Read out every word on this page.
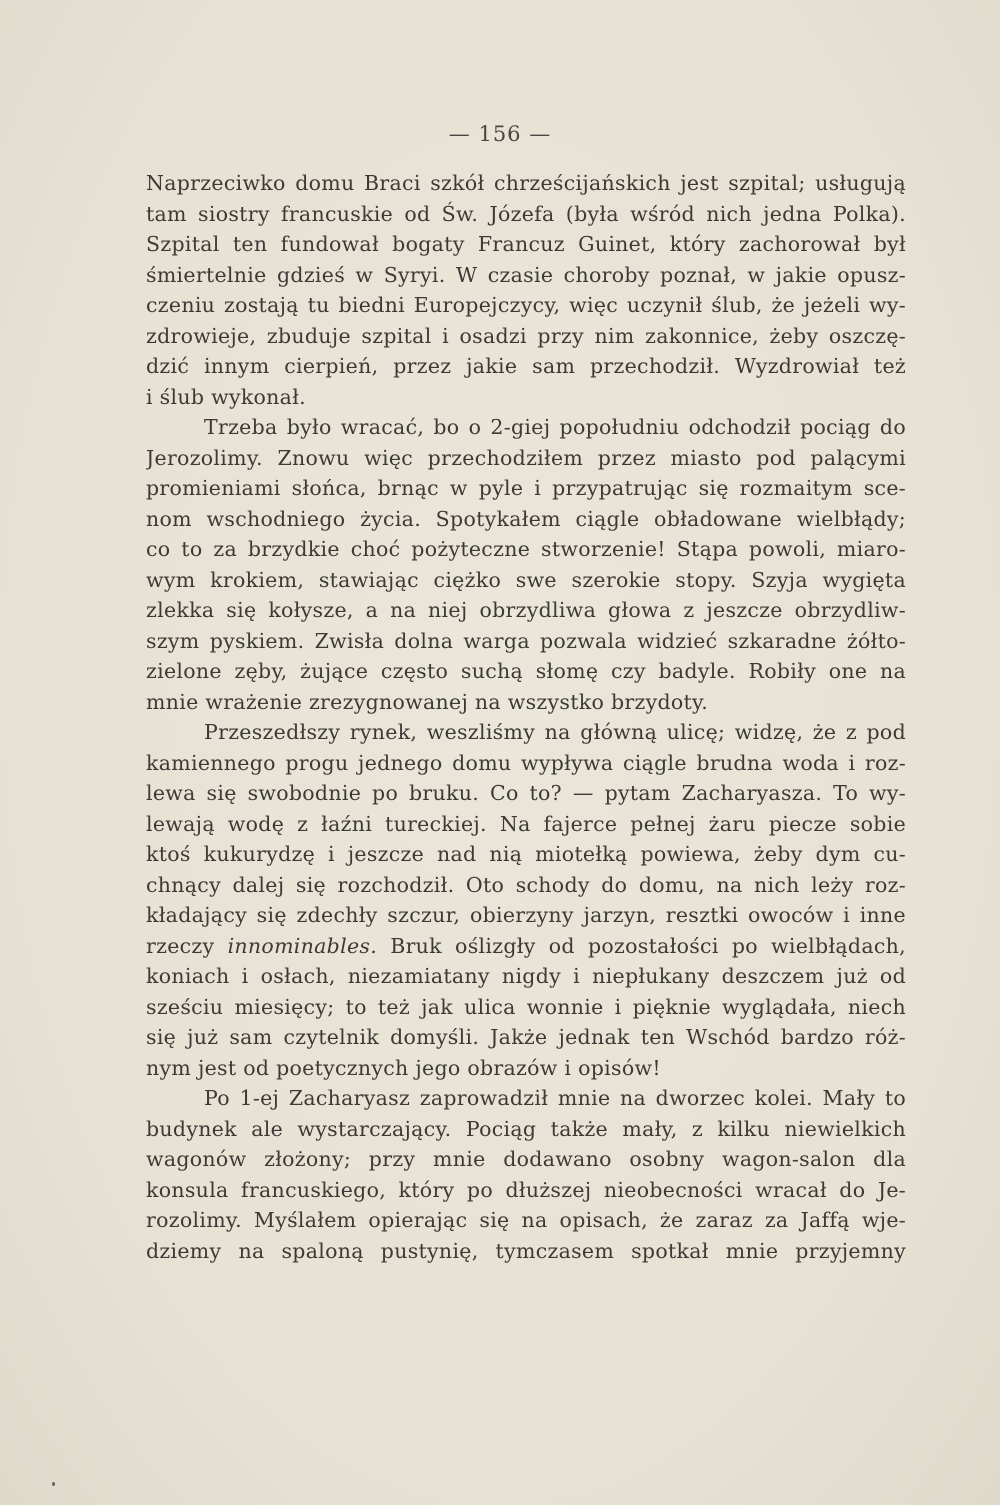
— 156 —
Naprzeciwko domu Braci szkół chrześcijańskich jest szpital; usługują
tam siostry francuskie od Św. Józefa (była wśród nich jedna Polka).
Szpital ten fundował bogaty Francuz Guinet, który zachorował był
śmiertelnie gdzieś w Syryi. W czasie choroby poznał, w jakie opusz-
czeniu zostają tu biedni Europejczycy, więc uczynił ślub, że jeżeli wy-
zdrowieje, zbuduje szpital i osadzi przy nim zakonnice, żeby oszczę-
dzić innym cierpień, przez jakie sam przechodził. Wyzdrowiał też
i ślub wykonał.
Trzeba było wracać, bo o 2-giej popołudniu odchodził pociąg do
Jerozolimy. Znowu więc przechodziłem przez miasto pod palącymi
promieniami słońca, brnąc w pyle i przypatrując się rozmaitym sce-
nom wschodniego życia. Spotykałem ciągle obładowane wielbłądy;
co to za brzydkie choć pożyteczne stworzenie! Stąpa powoli, miaro-
wym krokiem, stawiając ciężko swe szerokie stopy. Szyja wygięta
zlekka się kołysze, a na niej obrzydliwa głowa z jeszcze obrzydliw-
szym pyskiem. Zwisła dolna warga pozwala widzieć szkaradne żółto-
zielone zęby, żujące często suchą słomę czy badyle. Robiły one na
mnie wrażenie zrezygnowanej na wszystko brzydoty.
Przeszedłszy rynek, weszliśmy na główną ulicę; widzę, że z pod
kamiennego progu jednego domu wypływa ciągle brudna woda i roz-
lewa się swobodnie po bruku. Co to? — pytam Zacharyasza. To wy-
lewają wodę z łaźni tureckiej. Na fajerce pełnej żaru piecze sobie
ktoś kukurydzę i jeszcze nad nią miotełką powiewa, żeby dym cu-
chnący dalej się rozchodził. Oto schody do domu, na nich leży roz-
kładający się zdechły szczur, obierzyny jarzyn, resztki owoców i inne
rzeczy innominables. Bruk oślizgły od pozostałości po wielbłądach,
koniach i osłach, niezamiatany nigdy i niepłukany deszczem już od
sześciu miesięcy; to też jak ulica wonnie i pięknie wyglądała, niech
się już sam czytelnik domyśli. Jakże jednak ten Wschód bardzo róż-
nym jest od poetycznych jego obrazów i opisów!
Po 1-ej Zacharyasz zaprowadził mnie na dworzec kolei. Mały to
budynek ale wystarczający. Pociąg także mały, z kilku niewielkich
wagonów złożony; przy mnie dodawano osobny wagon-salon dla
konsula francuskiego, który po dłuższej nieobecności wracał do Je-
rozolimy. Myślałem opierając się na opisach, że zaraz za Jaffą wje-
dziemy na spaloną pustynię, tymczasem spotkał mnie przyjemny
